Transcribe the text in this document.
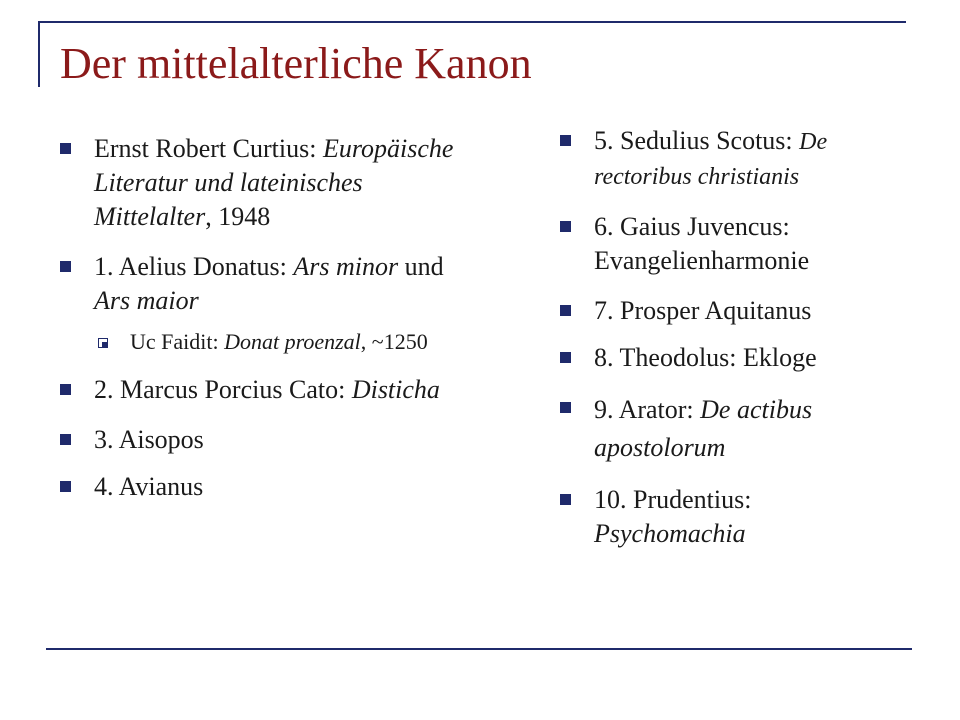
Der mittelalterliche Kanon
Ernst Robert Curtius: Europäische Literatur und lateinisches Mittelalter, 1948
1. Aelius Donatus: Ars minor und Ars maior
Uc Faidit: Donat proenzal, ~1250
2. Marcus Porcius Cato: Disticha
3. Aisopos
4. Avianus
5. Sedulius Scotus: De rectoribus christianis
6. Gaius Juvencus: Evangelienharmonie
7. Prosper Aquitanus
8. Theodolus: Ekloge
9. Arator: De actibus apostolorum
10. Prudentius: Psychomachia
